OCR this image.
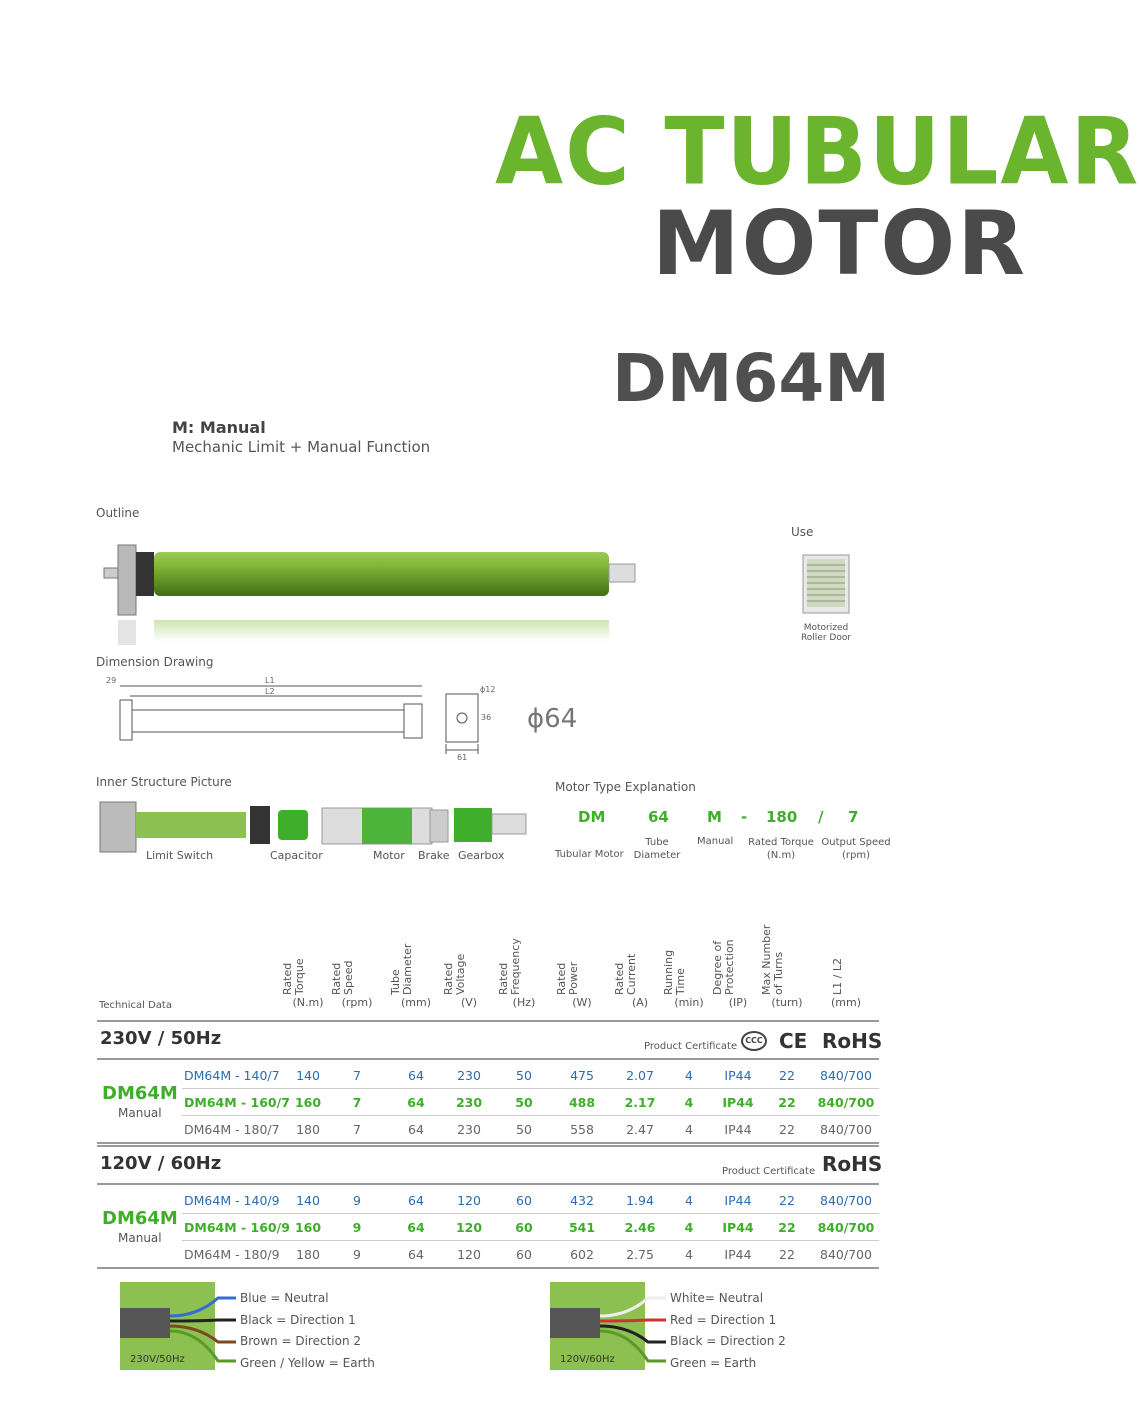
AC TUBULAR
MOTOR
DM64M
M: Manual
Mechanic Limit + Manual Function
Outline
Use
Motorized
Roller Door
Dimension Drawing
29	L1
L2	ϕ12
36
61
ϕ64
Inner Structure Picture
Limit Switch	Capacitor	Motor Brake Gearbox
Motor Type Explanation
DM	64	M - 180 / 7
Tubular Motor
Tube
Diameter
Manual Rated Torque
(N.m)
Output Speed
(rpm)
Technical Data
Rated Torque
(N.m)
Rated Speed
(rpm)
Tube Diameter
(mm)
Rated Voltage
(V)
Rated Frequency
(Hz)
Rated Power
(W)
Rated Current
(A)
Running Time
(min)
Degree of Protection
(IP)
Max Number of Turns
(turn)
L1 / L2
(mm)
230V / 50Hz	Product Certificate
CCC CE RoHS
DM64M
Manual
DM64M - 140/7	140	7	64	230	50	475	2.07	4	IP44	22	840/700
DM64M - 160/7 160	7	64	230	50	488	2.17	4	IP44	22	840/700
DM64M - 180/7	180	7	64	230	50	558	2.47	4	IP44	22	840/700
120V / 60Hz	Product Certificate RoHS
DM64M
Manual
DM64M - 140/9	140	9	64	120	60	432	1.94	4	IP44	22	840/700
DM64M - 160/9 160	9	64	120	60	541	2.46	4	IP44	22	840/700
DM64M - 180/9	180	9	64	120	60	602	2.75	4	IP44	22	840/700
230V/50Hz
Blue = Neutral
Black = Direction 1
Brown = Direction 2
Green / Yellow = Earth	120V/60Hz
White= Neutral
Red = Direction 1
Black = Direction 2
Green = Earth
